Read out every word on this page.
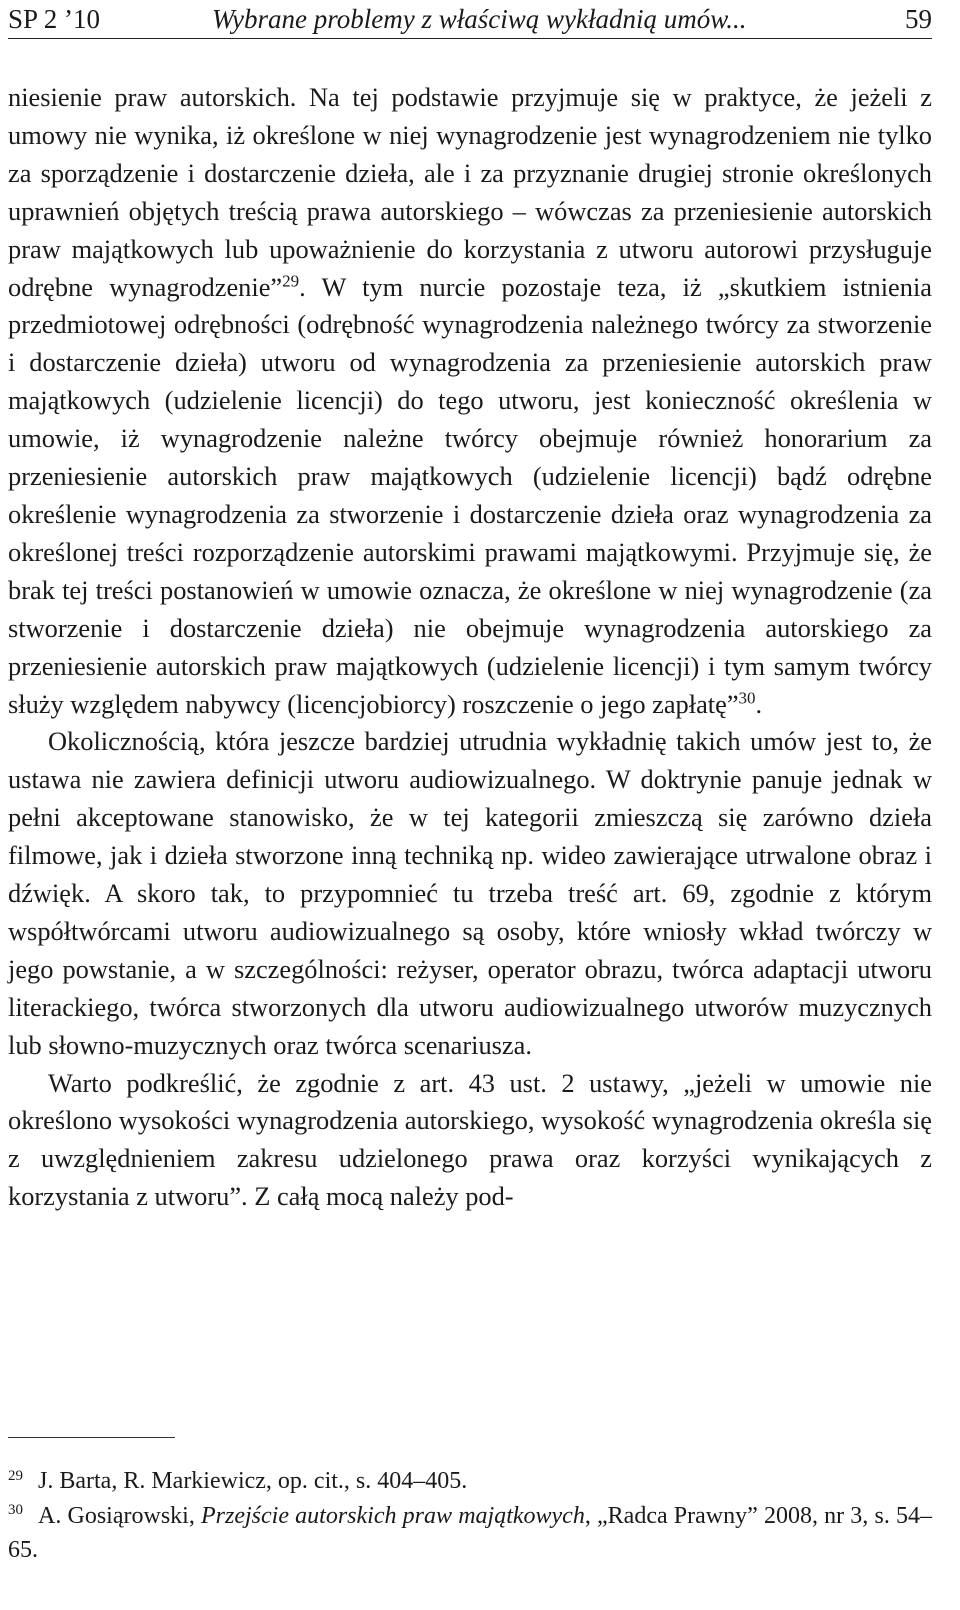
SP 2 ’10	Wybrane problemy z właściwą wykładnią umów...	59

niesienie praw autorskich. Na tej podstawie przyjmuje się w praktyce, że jeżeli z umowy nie wynika, iż określone w niej wynagrodzenie jest wynagrodzeniem nie tylko za sporządzenie i dostarczenie dzieła, ale i za przyznanie drugiej stronie określonych uprawnień objętych treścią prawa autorskiego – wówczas za przeniesienie autorskich praw majątkowych lub upoważnienie do korzystania z utworu autorowi przysługuje odrębne wynagrodzenie”$^{29}$. W tym nurcie pozostaje teza, iż „skutkiem istnienia przedmiotowej odrębności (odrębność wynagrodzenia należnego twórcy za stworzenie i dostarczenie dzieła) utworu od wynagrodzenia za przeniesienie autorskich praw majątkowych (udzielenie licencji) do tego utworu, jest konieczność określenia w umowie, iż wynagrodzenie należne twórcy obejmuje również honorarium za przeniesienie autorskich praw majątkowych (udzielenie licencji) bądź odrębne określenie wynagrodzenia za stworzenie i dostarczenie dzieła oraz wynagrodzenia za określonej treści rozporządzenie autorskimi prawami majątkowymi. Przyjmuje się, że brak tej treści postanowień w umowie oznacza, że określone w niej wynagrodzenie (za stworzenie i dostarczenie dzieła) nie obejmuje wynagrodzenia autorskiego za przeniesienie autorskich praw majątkowych (udzielenie licencji) i tym samym twórcy służy względem nabywcy (licencjobiorcy) roszczenie o jego zapłatę”$^{30}$.

Okolicznością, która jeszcze bardziej utrudnia wykładnię takich umów jest to, że ustawa nie zawiera definicji utworu audiowizualnego. W doktrynie panuje jednak w pełni akceptowane stanowisko, że w tej kategorii zmieszczą się zarówno dzieła filmowe, jak i dzieła stworzone inną techniką np. wideo zawierające utrwalone obraz i dźwięk. A skoro tak, to przypomnieć tu trzeba treść art. 69, zgodnie z którym współtwórcami utworu audiowizualnego są osoby, które wniosły wkład twórczy w jego powstanie, a w szczególności: reżyser, operator obrazu, twórca adaptacji utworu literackiego, twórca stworzonych dla utworu audiowizualnego utworów muzycznych lub słowno-muzycznych oraz twórca scenariusza.

Warto podkreślić, że zgodnie z art. 43 ust. 2 ustawy, „jeżeli w umowie nie określono wysokości wynagrodzenia autorskiego, wysokość wynagrodzenia określa się z uwzględnieniem zakresu udzielonego prawa oraz korzyści wynikających z korzystania z utworu”. Z całą mocą należy pod-

29 J. Barta, R. Markiewicz, op. cit., s. 404–405.

30 A. Gosiąrowski, Przejście autorskich praw majątkowych, „Radca Prawny” 2008, nr 3, s. 54–65.
